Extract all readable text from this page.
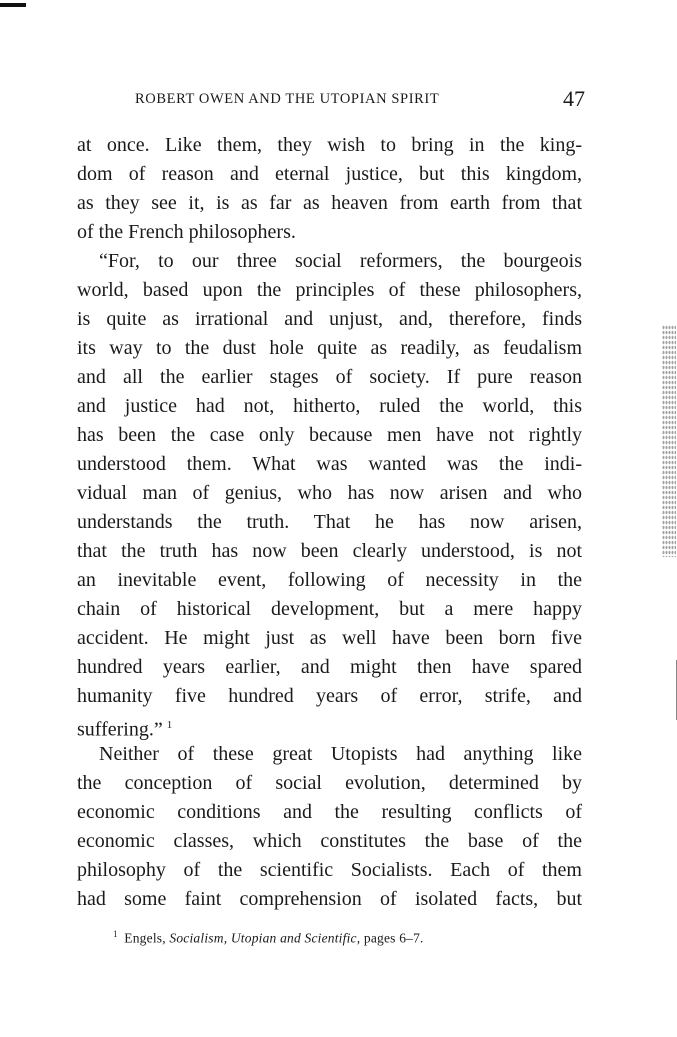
ROBERT OWEN AND THE UTOPIAN SPIRIT	47
at once. Like them, they wish to bring in the king-
dom of reason and eternal justice, but this kingdom,
as they see it, is as far as heaven from earth from that
of the French philosophers.
“For, to our three social reformers, the bourgeois
world, based upon the principles of these philosophers,
is quite as irrational and unjust, and, therefore, finds
its way to the dust hole quite as readily, as feudalism
and all the earlier stages of society. If pure reason
and justice had not, hitherto, ruled the world, this
has been the case only because men have not rightly
understood them. What was wanted was the indi-
vidual man of genius, who has now arisen and who
understands the truth. That he has now arisen,
that the truth has now been clearly understood, is not
an inevitable event, following of necessity in the
chain of historical development, but a mere happy
accident. He might just as well have been born five
hundred years earlier, and might then have spared
humanity five hundred years of error, strife, and
suffering.” $^1$
Neither of these great Utopists had anything like
the conception of social evolution, determined by
economic conditions and the resulting conflicts of
economic classes, which constitutes the base of the
philosophy of the scientific Socialists. Each of them
had some faint comprehension of isolated facts, but
$^1$ Engels, Socialism, Utopian and Scientific, pages 6–7.
